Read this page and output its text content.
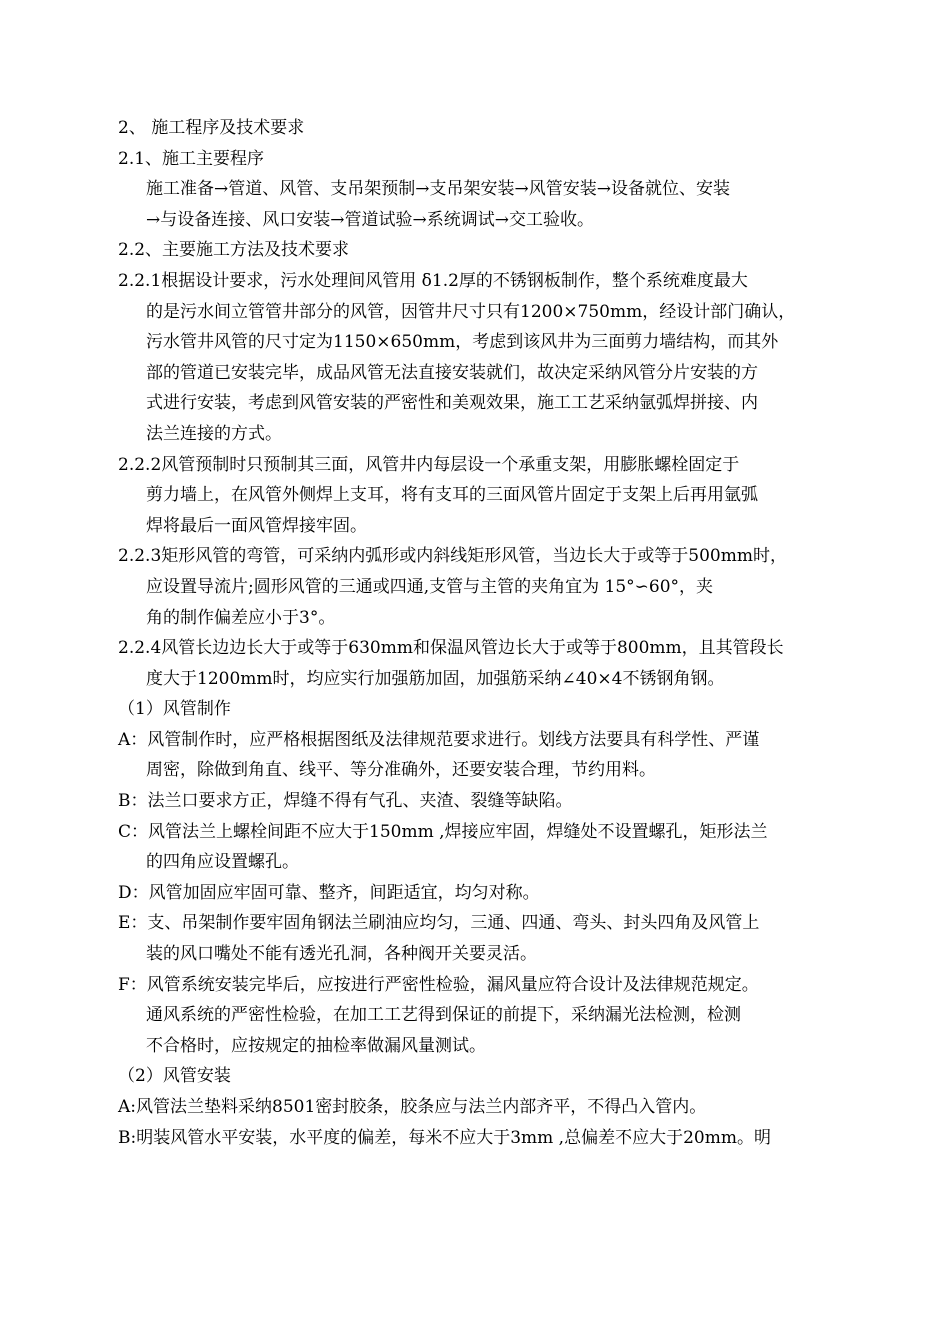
2、 施工程序及技术要求
2.1、施工主要程序
施工准备→管道、风管、支吊架预制→支吊架安装→风管安装→设备就位、安装
→与设备连接、风口安装→管道试验→系统调试→交工验收。
2.2、主要施工方法及技术要求
2.2.1根据设计要求，污水处理间风管用 δ1.2厚的不锈钢板制作，整个系统难度最大
的是污水间立管管井部分的风管，因管井尺寸只有1200×750mm，经设计部门确认，
污水管井风管的尺寸定为1150×650mm，考虑到该风井为三面剪力墙结构，而其外
部的管道已安装完毕，成品风管无法直接安装就们，故决定采纳风管分片安装的方
式进行安装，考虑到风管安装的严密性和美观效果，施工工艺采纳氩弧焊拼接、内
法兰连接的方式。
2.2.2风管预制时只预制其三面，风管井内每层设一个承重支架，用膨胀螺栓固定于
剪力墙上，在风管外侧焊上支耳，将有支耳的三面风管片固定于支架上后再用氩弧
焊将最后一面风管焊接牢固。
2.2.3矩形风管的弯管，可采纳内弧形或内斜线矩形风管，当边长大于或等于500mm时，
应设置导流片;圆形风管的三通或四通,支管与主管的夹角宜为 15°∽60°，夹
角的制作偏差应小于3°。
2.2.4风管长边边长大于或等于630mm和保温风管边长大于或等于800mm，且其管段长
度大于1200mm时，均应实行加强筋加固，加强筋采纳∠40×4不锈钢角钢。
（1）风管制作
A：风管制作时，应严格根据图纸及法律规范要求进行。划线方法要具有科学性、严谨
周密，除做到角直、线平、等分准确外，还要安装合理，节约用料。
B：法兰口要求方正，焊缝不得有气孔、夹渣、裂缝等缺陷。
C：风管法兰上螺栓间距不应大于150mm ,焊接应牢固，焊缝处不设置螺孔，矩形法兰
的四角应设置螺孔。
D：风管加固应牢固可靠、整齐，间距适宜，均匀对称。
E：支、吊架制作要牢固角钢法兰刷油应均匀，三通、四通、弯头、封头四角及风管上
装的风口嘴处不能有透光孔洞，各种阀开关要灵活。
F：风管系统安装完毕后，应按进行严密性检验，漏风量应符合设计及法律规范规定。
通风系统的严密性检验，在加工工艺得到保证的前提下，采纳漏光法检测，检测
不合格时，应按规定的抽检率做漏风量测试。
（2）风管安装
A:风管法兰垫料采纳8501密封胶条，胶条应与法兰内部齐平，不得凸入管内。
B:明装风管水平安装，水平度的偏差，每米不应大于3mm ,总偏差不应大于20mm。明
